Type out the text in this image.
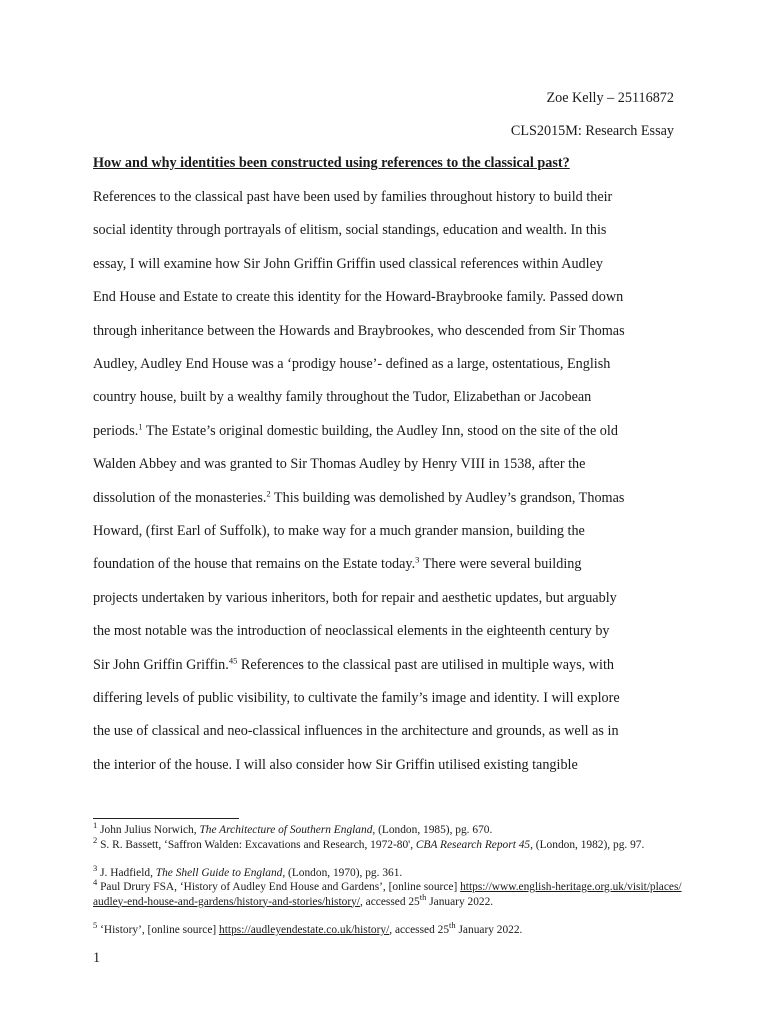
Zoe Kelly – 25116872
CLS2015M: Research Essay
How and why identities been constructed using references to the classical past?
References to the classical past have been used by families throughout history to build their
social identity through portrayals of elitism, social standings, education and wealth. In this
essay, I will examine how Sir John Griffin Griffin used classical references within Audley
End House and Estate to create this identity for the Howard-Braybrooke family. Passed down
through inheritance between the Howards and Braybrookes, who descended from Sir Thomas
Audley, Audley End House was a ‘prodigy house’- defined as a large, ostentatious, English
country house, built by a wealthy family throughout the Tudor, Elizabethan or Jacobean
periods.$^1$ The Estate’s original domestic building, the Audley Inn, stood on the site of the old
Walden Abbey and was granted to Sir Thomas Audley by Henry VIII in 1538, after the
dissolution of the monasteries.$^2$ This building was demolished by Audley’s grandson, Thomas
Howard, (first Earl of Suffolk), to make way for a much grander mansion, building the
foundation of the house that remains on the Estate today.$^3$ There were several building
projects undertaken by various inheritors, both for repair and aesthetic updates, but arguably
the most notable was the introduction of neoclassical elements in the eighteenth century by
Sir John Griffin Griffin.$^{45}$ References to the classical past are utilised in multiple ways, with
differing levels of public visibility, to cultivate the family’s image and identity. I will explore
the use of classical and neo-classical influences in the architecture and grounds, as well as in
the interior of the house. I will also consider how Sir Griffin utilised existing tangible
$^1$ John Julius Norwich, The Architecture of Southern England, (London, 1985), pg. 670.
$^2$ S. R. Bassett, ‘Saffron Walden: Excavations and Research, 1972-80', CBA Research Report 45, (London, 1982), pg. 97.
$^3$ J. Hadfield, The Shell Guide to England, (London, 1970), pg. 361.
$^4$ Paul Drury FSA, ‘History of Audley End House and Gardens’, [online source] https://www.english-heritage.org.uk/visit/places/audley-end-house-and-gardens/history-and-stories/history/, accessed 25th January 2022.
$^5$ ‘History’, [online source] https://audleyendestate.co.uk/history/, accessed 25th January 2022.
1
